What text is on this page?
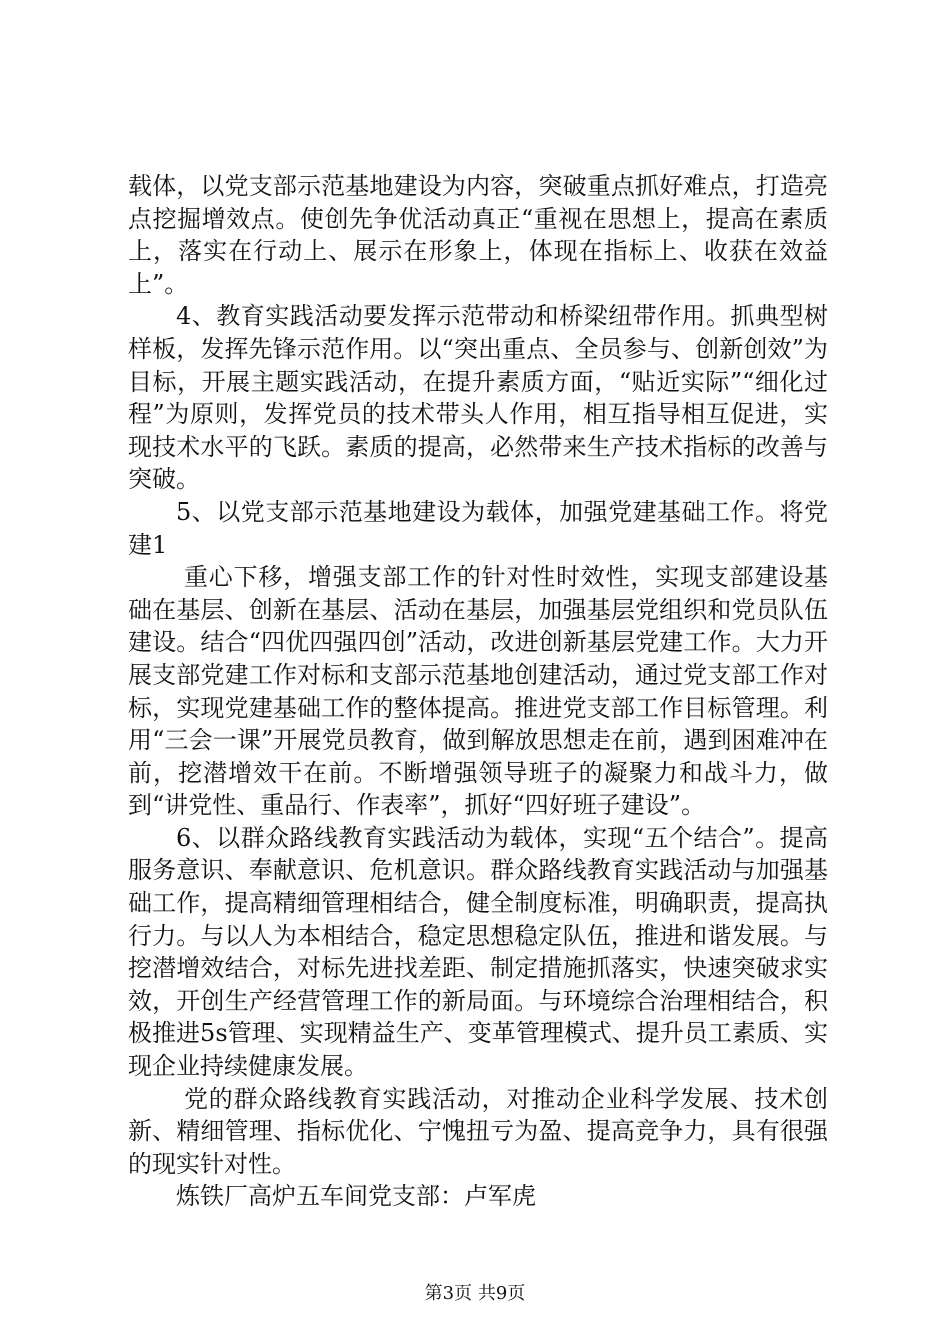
载体，以党支部示范基地建设为内容，突破重点抓好难点，打造亮点挖掘增效点。使创先争优活动真正“重视在思想上，提高在素质上，落实在行动上、展示在形象上，体现在指标上、收获在效益上”。

4、教育实践活动要发挥示范带动和桥梁纽带作用。抓典型树样板，发挥先锋示范作用。以“突出重点、全员参与、创新创效”为目标，开展主题实践活动，在提升素质方面，“贴近实际”“细化过程”为原则，发挥党员的技术带头人作用，相互指导相互促进，实现技术水平的飞跃。素质的提高，必然带来生产技术指标的改善与突破。

5、以党支部示范基地建设为载体，加强党建基础工作。将党建1

重心下移，增强支部工作的针对性时效性，实现支部建设基础在基层、创新在基层、活动在基层，加强基层党组织和党员队伍建设。结合“四优四强四创”活动，改进创新基层党建工作。大力开展支部党建工作对标和支部示范基地创建活动，通过党支部工作对标，实现党建基础工作的整体提高。推进党支部工作目标管理。利用“三会一课”开展党员教育，做到解放思想走在前，遇到困难冲在前，挖潜增效干在前。不断增强领导班子的凝聚力和战斗力，做到“讲党性、重品行、作表率”，抓好“四好班子建设”。

6、以群众路线教育实践活动为载体，实现“五个结合”。提高服务意识、奉献意识、危机意识。群众路线教育实践活动与加强基础工作，提高精细管理相结合，健全制度标准，明确职责，提高执行力。与以人为本相结合，稳定思想稳定队伍，推进和谐发展。与挖潜增效结合，对标先进找差距、制定措施抓落实，快速突破求实效，开创生产经营管理工作的新局面。与环境综合治理相结合，积极推进5s管理、实现精益生产、变革管理模式、提升员工素质、实现企业持续健康发展。

党的群众路线教育实践活动，对推动企业科学发展、技术创新、精细管理、指标优化、宁愧扭亏为盈、提高竞争力，具有很强的现实针对性。

炼铁厂高炉五车间党支部：卢军虎

第3页 共9页
